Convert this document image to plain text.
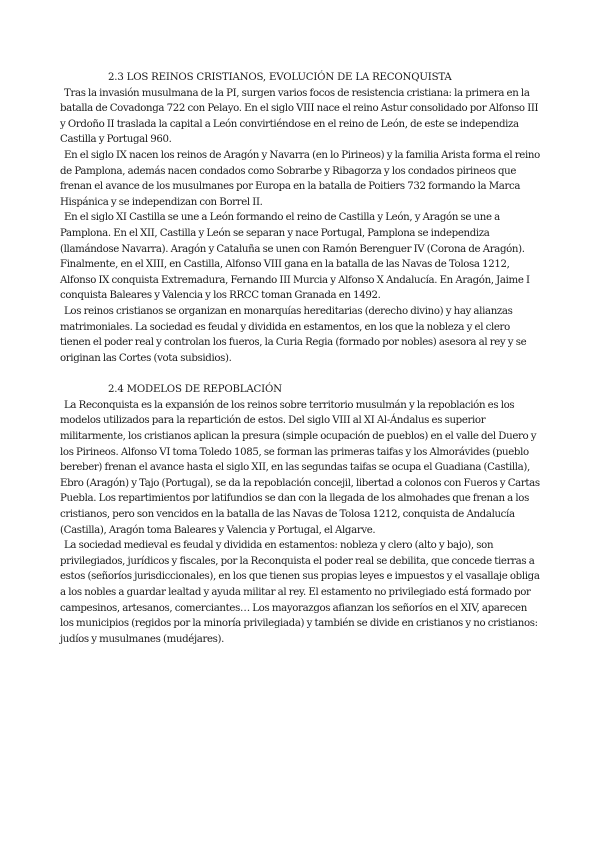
2.3 LOS REINOS CRISTIANOS, EVOLUCIÓN DE LA RECONQUISTA

Tras la invasión musulmana de la PI, surgen varios focos de resistencia cristiana: la primera en la batalla de Covadonga 722 con Pelayo. En el siglo VIII nace el reino Astur consolidado por Alfonso III y Ordoño II traslada la capital a León convirtiéndose en el reino de León, de este se independiza Castilla y Portugal 960.

En el siglo IX nacen los reinos de Aragón y Navarra (en lo Pirineos) y la familia Arista forma el reino de Pamplona, además nacen condados como Sobrarbe y Ribagorza y los condados pirineos que frenan el avance de los musulmanes por Europa en la batalla de Poitiers 732 formando la Marca Hispánica y se independizan con Borrel II.

En el siglo XI Castilla se une a León formando el reino de Castilla y León, y Aragón se une a Pamplona. En el XII, Castilla y León se separan y nace Portugal, Pamplona se independiza (llamándose Navarra). Aragón y Cataluña se unen con Ramón Berenguer IV (Corona de Aragón). Finalmente, en el XIII, en Castilla, Alfonso VIII gana en la batalla de las Navas de Tolosa 1212, Alfonso IX conquista Extremadura, Fernando III Murcia y Alfonso X Andalucía. En Aragón, Jaime I conquista Baleares y Valencia y los RRCC toman Granada en 1492.

Los reinos cristianos se organizan en monarquías hereditarias (derecho divino) y hay alianzas matrimoniales. La sociedad es feudal y dividida en estamentos, en los que la nobleza y el clero tienen el poder real y controlan los fueros, la Curia Regia (formado por nobles) asesora al rey y se originan las Cortes (vota subsidios).

2.4 MODELOS DE REPOBLACIÓN

La Reconquista es la expansión de los reinos sobre territorio musulmán y la repoblación es los modelos utilizados para la repartición de estos. Del siglo VIII al XI Al-Ándalus es superior militarmente, los cristianos aplican la presura (simple ocupación de pueblos) en el valle del Duero y los Pirineos. Alfonso VI toma Toledo 1085, se forman las primeras taifas y los Almorávides (pueblo bereber) frenan el avance hasta el siglo XII, en las segundas taifas se ocupa el Guadiana (Castilla), Ebro (Aragón) y Tajo (Portugal), se da la repoblación concejil, libertad a colonos con Fueros y Cartas Puebla. Los repartimientos por latifundios se dan con la llegada de los almohades que frenan a los cristianos, pero son vencidos en la batalla de las Navas de Tolosa 1212, conquista de Andalucía (Castilla), Aragón toma Baleares y Valencia y Portugal, el Algarve.

La sociedad medieval es feudal y dividida en estamentos: nobleza y clero (alto y bajo), son privilegiados, jurídicos y fiscales, por la Reconquista el poder real se debilita, que concede tierras a estos (señoríos jurisdiccionales), en los que tienen sus propias leyes e impuestos y el vasallaje obliga a los nobles a guardar lealtad y ayuda militar al rey. El estamento no privilegiado está formado por campesinos, artesanos, comerciantes… Los mayorazgos afianzan los señoríos en el XIV, aparecen los municipios (regidos por la minoría privilegiada) y también se divide en cristianos y no cristianos: judíos y musulmanes (mudéjares).
